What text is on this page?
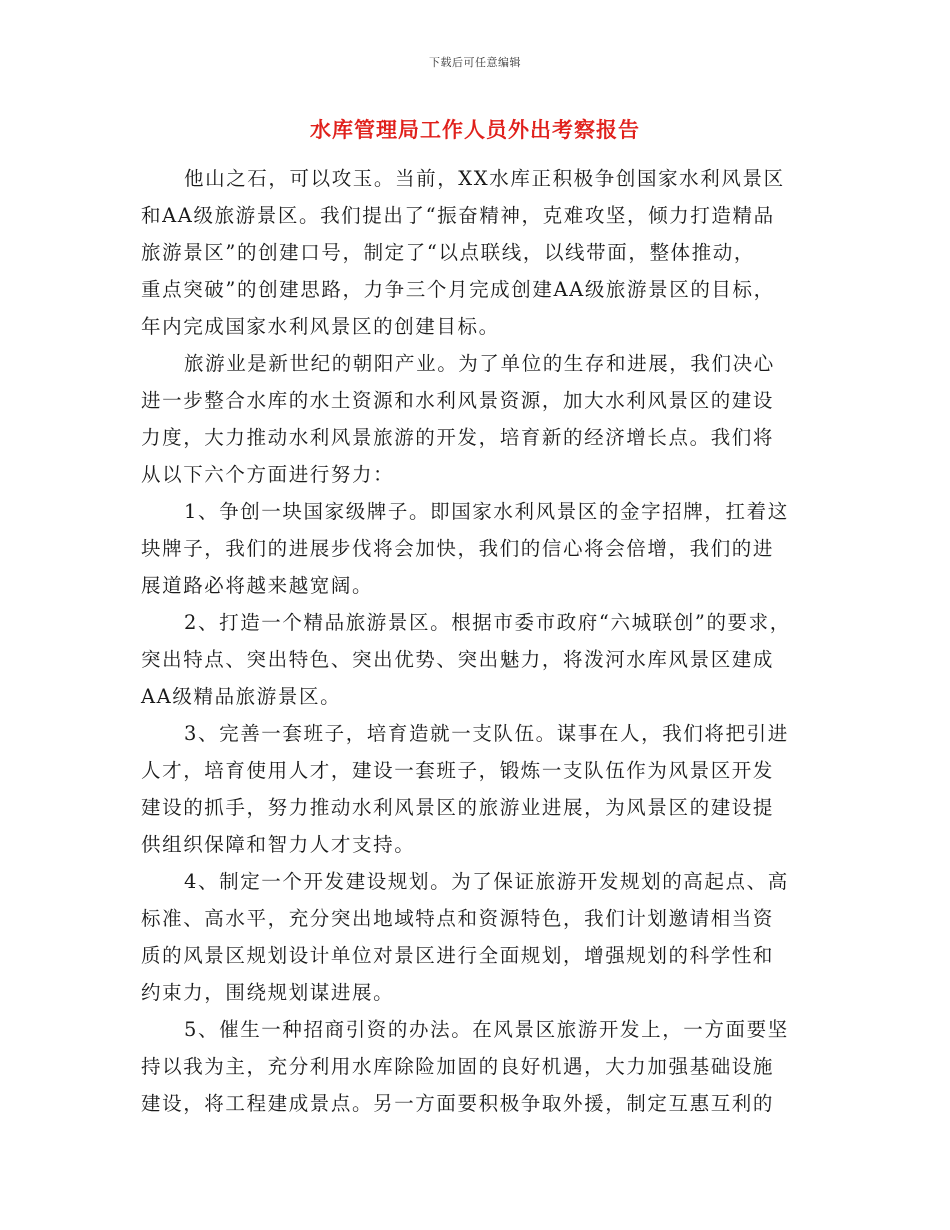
下载后可任意编辑
水库管理局工作人员外出考察报告
他山之石，可以攻玉。当前，XX水库正积极争创国家水利风景区
和AA级旅游景区。我们提出了“振奋精神，克难攻坚，倾力打造精品
旅游景区”的创建口号，制定了“以点联线，以线带面，整体推动，
重点突破”的创建思路，力争三个月完成创建AA级旅游景区的目标，
年内完成国家水利风景区的创建目标。
旅游业是新世纪的朝阳产业。为了单位的生存和进展，我们决心
进一步整合水库的水土资源和水利风景资源，加大水利风景区的建设
力度，大力推动水利风景旅游的开发，培育新的经济增长点。我们将
从以下六个方面进行努力：
1、争创一块国家级牌子。即国家水利风景区的金字招牌，扛着这
块牌子，我们的进展步伐将会加快，我们的信心将会倍增，我们的进
展道路必将越来越宽阔。
2、打造一个精品旅游景区。根据市委市政府“六城联创”的要求，
突出特点、突出特色、突出优势、突出魅力，将泼河水库风景区建成
AA级精品旅游景区。
3、完善一套班子，培育造就一支队伍。谋事在人，我们将把引进
人才，培育使用人才，建设一套班子，锻炼一支队伍作为风景区开发
建设的抓手，努力推动水利风景区的旅游业进展，为风景区的建设提
供组织保障和智力人才支持。
4、制定一个开发建设规划。为了保证旅游开发规划的高起点、高
标准、高水平，充分突出地域特点和资源特色，我们计划邀请相当资
质的风景区规划设计单位对景区进行全面规划，增强规划的科学性和
约束力，围绕规划谋进展。
5、催生一种招商引资的办法。在风景区旅游开发上，一方面要坚
持以我为主，充分利用水库除险加固的良好机遇，大力加强基础设施
建设，将工程建成景点。另一方面要积极争取外援，制定互惠互利的
